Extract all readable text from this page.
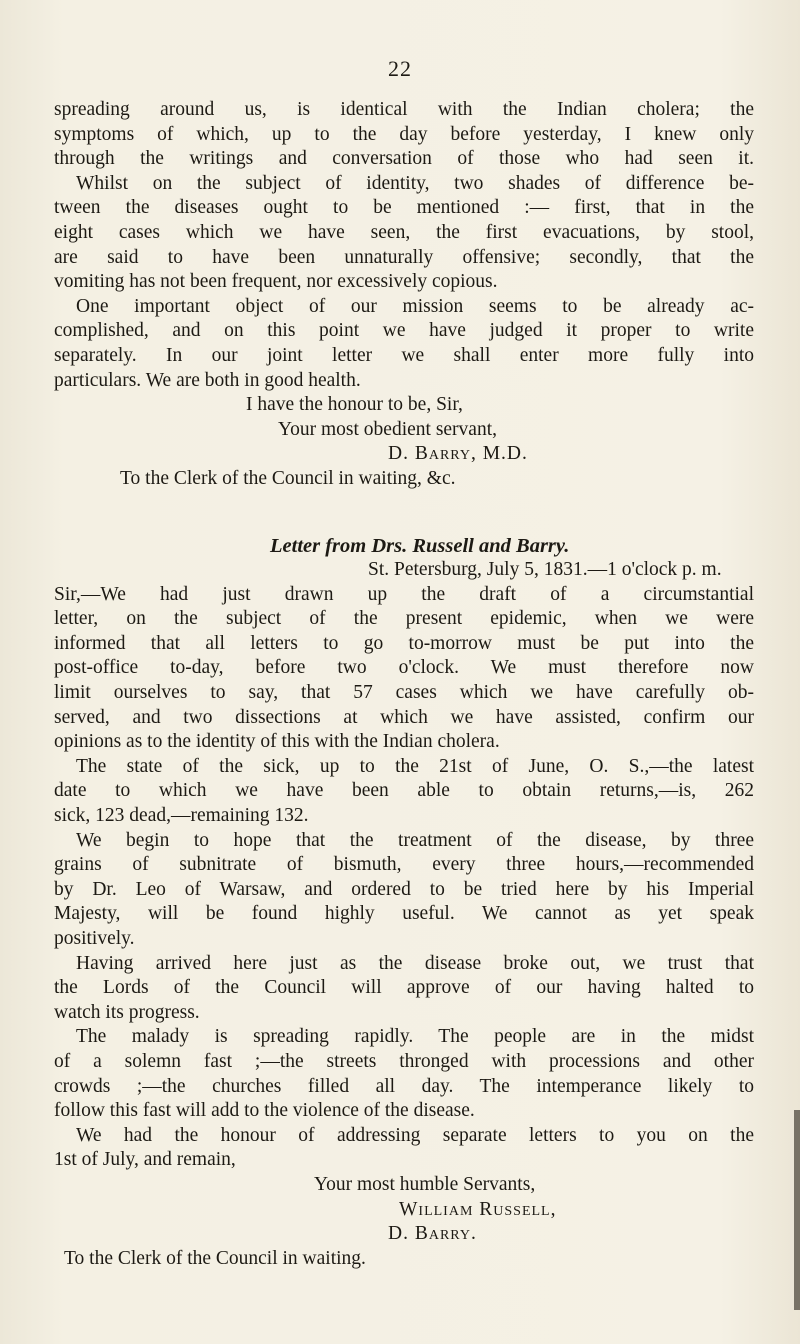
22
spreading around us, is identical with the Indian cholera; the
symptoms of which, up to the day before yesterday, I knew only
through the writings and conversation of those who had seen it.
Whilst on the subject of identity, two shades of difference be-
tween the diseases ought to be mentioned :— first, that in the
eight cases which we have seen, the first evacuations, by stool,
are said to have been unnaturally offensive; secondly, that the
vomiting has not been frequent, nor excessively copious.
One important object of our mission seems to be already ac-
complished, and on this point we have judged it proper to write
separately. In our joint letter we shall enter more fully into
particulars. We are both in good health.
I have the honour to be, Sir,
Your most obedient servant,
D. Barry, M.D.
To the Clerk of the Council in waiting, &c.
Letter from Drs. Russell and Barry.
St. Petersburg, July 5, 1831.—1 o'clock p. m.
Sir,—We had just drawn up the draft of a circumstantial
letter, on the subject of the present epidemic, when we were
informed that all letters to go to-morrow must be put into the
post-office to-day, before two o'clock. We must therefore now
limit ourselves to say, that 57 cases which we have carefully ob-
served, and two dissections at which we have assisted, confirm our
opinions as to the identity of this with the Indian cholera.
The state of the sick, up to the 21st of June, O. S.,—the latest
date to which we have been able to obtain returns,—is, 262
sick, 123 dead,—remaining 132.
We begin to hope that the treatment of the disease, by three
grains of subnitrate of bismuth, every three hours,—recommended
by Dr. Leo of Warsaw, and ordered to be tried here by his Imperial
Majesty, will be found highly useful. We cannot as yet speak
positively.
Having arrived here just as the disease broke out, we trust that
the Lords of the Council will approve of our having halted to
watch its progress.
The malady is spreading rapidly. The people are in the midst
of a solemn fast ;—the streets thronged with processions and other
crowds ;—the churches filled all day. The intemperance likely to
follow this fast will add to the violence of the disease.
We had the honour of addressing separate letters to you on the
1st of July, and remain,
Your most humble Servants,
William Russell,
D. Barry.
To the Clerk of the Council in waiting.
